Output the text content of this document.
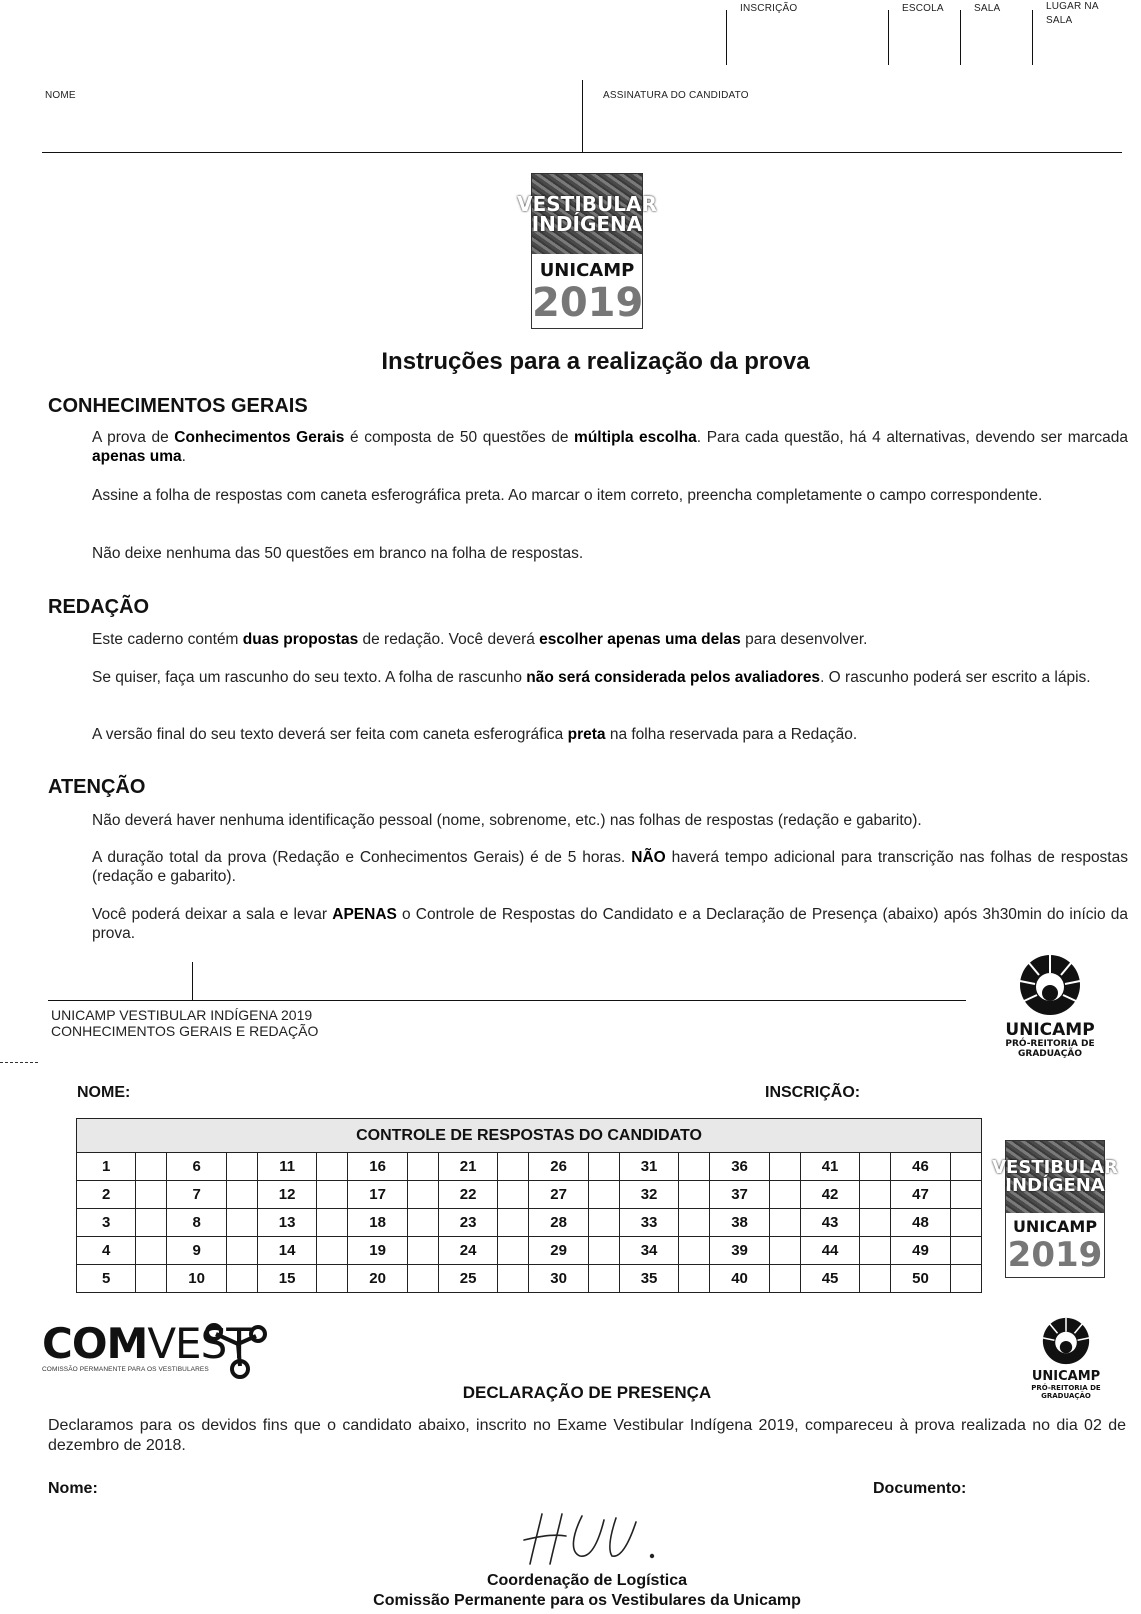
INSCRIÇÃO	ESCOLA	SALA	LUGAR NA SALA
NOME	ASSINATURA DO CANDIDATO
VESTIBULAR
INDÍGENA
UNICAMP
2019
Instruções para a realização da prova
CONHECIMENTOS GERAIS

A prova de Conhecimentos Gerais é composta de 50 questões de múltipla escolha. Para cada questão, há 4 alternativas, devendo ser marcada apenas uma.

Assine a folha de respostas com caneta esferográfica preta. Ao marcar o item correto, preencha completamente o campo correspondente.

Não deixe nenhuma das 50 questões em branco na folha de respostas.

REDAÇÃO

Este caderno contém duas propostas de redação. Você deverá escolher apenas uma delas para desenvolver.

Se quiser, faça um rascunho do seu texto. A folha de rascunho não será considerada pelos avaliadores. O rascunho poderá ser escrito a lápis.

A versão final do seu texto deverá ser feita com caneta esferográfica preta na folha reservada para a Redação.

ATENÇÃO

Não deverá haver nenhuma identificação pessoal (nome, sobrenome, etc.) nas folhas de respostas (redação e gabarito).

A duração total da prova (Redação e Conhecimentos Gerais) é de 5 horas. NÃO haverá tempo adicional para transcrição nas folhas de respostas (redação e gabarito).

Você poderá deixar a sala e levar APENAS o Controle de Respostas do Candidato e a Declaração de Presença (abaixo) após 3h30min do início da prova.

UNICAMP VESTIBULAR INDÍGENA 2019
CONHECIMENTOS GERAIS E REDAÇÃO	UNICAMP
PRÓ-REITORIA DE GRADUAÇÃO
NOME:	INSCRIÇÃO:
CONTROLE DE RESPOSTAS DO CANDIDATO																			
1		6		11		16		21		26		31		36		41		46	
2		7		12		17		22		27		32		37		42		47	
3		8		13		18		23		28		33		38		43		48	
4		9		14		19		24		29		34		39		44		49	
5		10		15		20		25		30		35		40		45		50	
VESTIBULAR
INDÍGENA
UNICAMP
2019
COMVEST
COMISSÃO PERMANENTE PARA OS VESTIBULARES	UNICAMP
PRÓ-REITORIA DE GRADUAÇÃO
DECLARAÇÃO DE PRESENÇA

Declaramos para os devidos fins que o candidato abaixo, inscrito no Exame Vestibular Indígena 2019, compareceu à prova realizada no dia 02 de dezembro de 2018.

Nome:	Documento:
Coordenação de Logística
Comissão Permanente para os Vestibulares da Unicamp
